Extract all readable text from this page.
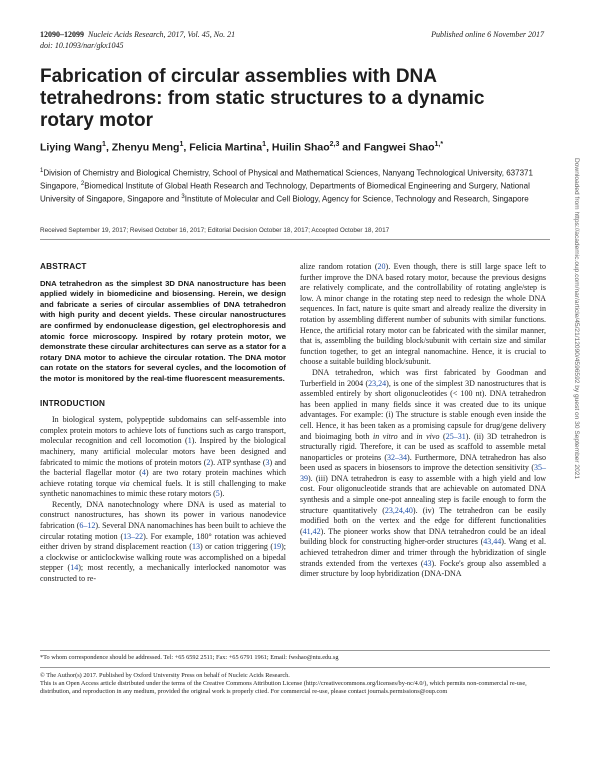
12090–12099 Nucleic Acids Research, 2017, Vol. 45, No. 21	Published online 6 November 2017
doi: 10.1093/nar/gkx1045
Fabrication of circular assemblies with DNA tetrahedrons: from static structures to a dynamic rotary motor
Liying Wang$^1$, Zhenyu Meng$^1$, Felicia Martina$^1$, Huilin Shao$^{2,3}$ and Fangwei Shao$^{1,*}$
$^1$Division of Chemistry and Biological Chemistry, School of Physical and Mathematical Sciences, Nanyang Technological University, 637371 Singapore, $^2$Biomedical Institute of Global Heath Research and Technology, Departments of Biomedical Engineering and Surgery, National University of Singapore, Singapore and $^3$Institute of Molecular and Cell Biology, Agency for Science, Technology and Research, Singapore
Received September 19, 2017; Revised October 16, 2017; Editorial Decision October 18, 2017; Accepted October 18, 2017
ABSTRACT

DNA tetrahedron as the simplest 3D DNA nanostructure has been applied widely in biomedicine and biosensing. Herein, we design and fabricate a series of circular assemblies of DNA tetrahedron with high purity and decent yields. These circular nanostructures are confirmed by endonuclease digestion, gel electrophoresis and atomic force microscopy. Inspired by rotary protein motor, we demonstrate these circular architectures can serve as a stator for a rotary DNA motor to achieve the circular rotation. The DNA motor can rotate on the stators for several cycles, and the locomotion of the motor is monitored by the real-time fluorescent measurements.

INTRODUCTION

In biological system, polypeptide subdomains can self-assemble into complex protein motors to achieve lots of functions such as cargo transport, molecular recognition and cell locomotion (1). Inspired by the biological machinery, many artificial molecular motors have been designed and fabricated to mimic the motions of protein motors (2). ATP synthase (3) and the bacterial flagellar motor (4) are two rotary protein machines which achieve rotating torque via chemical fuels. It is still challenging to make synthetic nanomachines to mimic these rotary motors (5).

Recently, DNA nanotechnology where DNA is used as material to construct nanostructures, has shown its power in various nanodevice fabrication (6–12). Several DNA nanomachines has been built to achieve the circular rotating motion (13–22). For example, 180° rotation was achieved either driven by strand displacement reaction (13) or cation triggering (19); a clockwise or anticlockwise walking route was accomplished on a bipedal stepper (14); most recently, a mechanically interlocked nanomotor was constructed to re-

alize random rotation (20). Even though, there is still large space left to further improve the DNA based rotary motor, because the previous designs are relatively complicate, and the controllability of rotating angle/step is low. A minor change in the rotating step need to redesign the whole DNA sequences. In fact, nature is quite smart and already realize the diversity in rotation by assembling different number of subunits with similar functions. Hence, the artificial rotary motor can be fabricated with the similar manner, that is, assembling the building block/subunit with certain size and similar function together, to get an integral nanomachine. Hence, it is crucial to choose a suitable building block/subunit.

DNA tetrahedron, which was first fabricated by Goodman and Turberfield in 2004 (23,24), is one of the simplest 3D nanostructures that is assembled entirely by short oligonucleotides (< 100 nt). DNA tetrahedron has been applied in many fields since it was created due to its unique advantages. For example: (i) The structure is stable enough even inside the cell. Hence, it has been taken as a promising capsule for drug/gene delivery and bioimaging both in vitro and in vivo (25–31). (ii) 3D tetrahedron is structurally rigid. Therefore, it can be used as scaffold to assemble metal nanoparticles or proteins (32–34). Furthermore, DNA tetrahedron has also been used as spacers in biosensors to improve the detection sensitivity (35–39). (iii) DNA tetrahedron is easy to assemble with a high yield and low cost. Four oligonucleotide strands that are achievable on automated DNA synthesis and a simple one-pot annealing step is facile enough to form the structure quantitatively (23,24,40). (iv) The tetrahedron can be easily modified both on the vertex and the edge for different functionalities (41,42). The pioneer works show that DNA tetrahedron could be an ideal building block for constructing higher-order structures (43,44). Wang et al. achieved tetrahedron dimer and trimer through the hybridization of single strands extended from the vertexes (43). Focke's group also assembled a dimer structure by loop hybridization (DNA-DNA

*To whom correspondence should be addressed. Tel: +65 6592 2511; Fax: +65 6791 1961; Email: fwshao@ntu.edu.sg
© The Author(s) 2017. Published by Oxford University Press on behalf of Nucleic Acids Research.
This is an Open Access article distributed under the terms of the Creative Commons Attribution License (http://creativecommons.org/licenses/by-nc/4.0/), which permits non-commercial re-use, distribution, and reproduction in any medium, provided the original work is properly cited. For commercial re-use, please contact journals.permissions@oup.com
Downloaded from https://academic.oup.com/nar/article/45/21/12090/4596592 by guest on 30 September 2021
